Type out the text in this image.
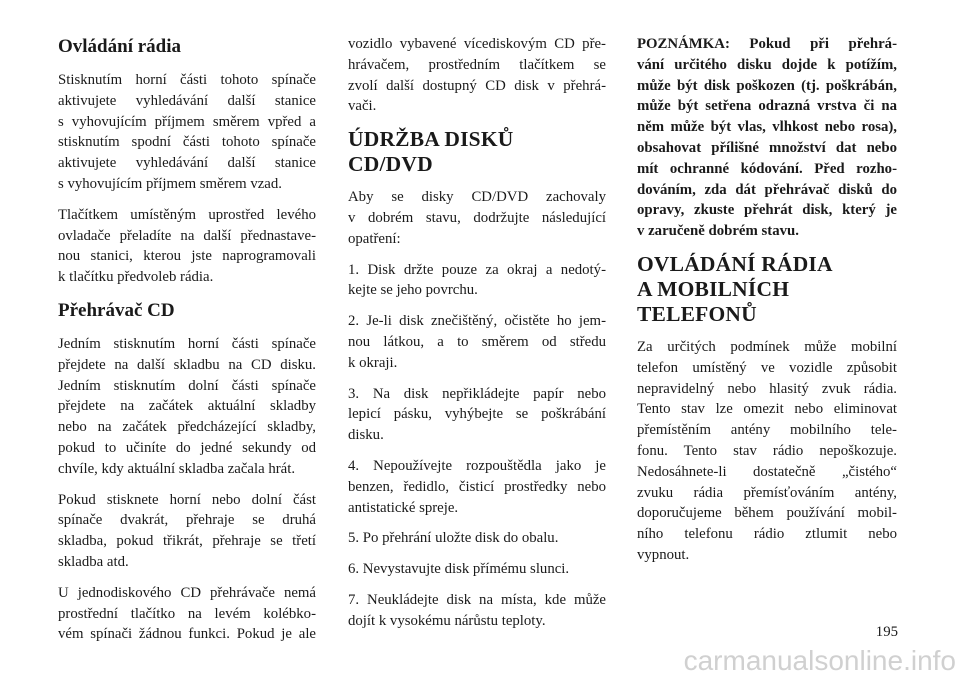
Ovládání rádia
Stisknutím horní části tohoto spínače
aktivujete vyhledávání další stanice
s vyhovujícím příjmem směrem vpřed a
stisknutím spodní části tohoto spínače
aktivujete vyhledávání další stanice
s vyhovujícím příjmem směrem vzad.
Tlačítkem umístěným uprostřed levého
ovladače přeladíte na další přednastave-
nou stanici, kterou jste naprogramovali
k tlačítku předvoleb rádia.
Přehrávač CD
Jedním stisknutím horní části spínače
přejdete na další skladbu na CD disku.
Jedním stisknutím dolní části spínače
přejdete na začátek aktuální skladby
nebo na začátek předcházející skladby,
pokud to učiníte do jedné sekundy od
chvíle, kdy aktuální skladba začala hrát.
Pokud stisknete horní nebo dolní část
spínače dvakrát, přehraje se druhá
skladba, pokud třikrát, přehraje se třetí
skladba atd.
U jednodiskového CD přehrávače nemá
prostřední tlačítko na levém kolébko-
vém spínači žádnou funkci. Pokud je ale
vozidlo vybavené vícediskovým CD pře-
hrávačem, prostředním tlačítkem se
zvolí další dostupný CD disk v přehrá-
vači.
ÚDRŽBA DISKŮ
CD/DVD
Aby se disky CD/DVD zachovaly
v dobrém stavu, dodržujte následující
opatření:
1. Disk držte pouze za okraj a nedotý-
kejte se jeho povrchu.
2. Je-li disk znečištěný, očistěte ho jem-
nou látkou, a to směrem od středu
k okraji.
3. Na disk nepřikládejte papír nebo
lepicí pásku, vyhýbejte se poškrábání
disku.
4. Nepoužívejte rozpouštědla jako je
benzen, ředidlo, čisticí prostředky nebo
antistatické spreje.
5. Po přehrání uložte disk do obalu.
6. Nevystavujte disk přímému slunci.
7. Neukládejte disk na místa, kde může
dojít k vysokému nárůstu teploty.
POZNÁMKA: Pokud při přehrá-
vání určitého disku dojde k potížím,
může být disk poškozen (tj. poškrábán,
může být setřena odrazná vrstva či na
něm může být vlas, vlhkost nebo rosa),
obsahovat přílišné množství dat nebo
mít ochranné kódování. Před rozho-
dováním, zda dát přehrávač disků do
opravy, zkuste přehrát disk, který je
v zaručeně dobrém stavu.
OVLÁDÁNÍ RÁDIA
A MOBILNÍCH
TELEFONŮ
Za určitých podmínek může mobilní
telefon umístěný ve vozidle způsobit
nepravidelný nebo hlasitý zvuk rádia.
Tento stav lze omezit nebo eliminovat
přemístěním antény mobilního tele-
fonu. Tento stav rádio nepoškozuje.
Nedosáhnete-li dostatečně „čistého“
zvuku rádia přemísťováním antény,
doporučujeme během používání mobil-
ního telefonu rádio ztlumit nebo
vypnout.
195
carmanualsonline.info
